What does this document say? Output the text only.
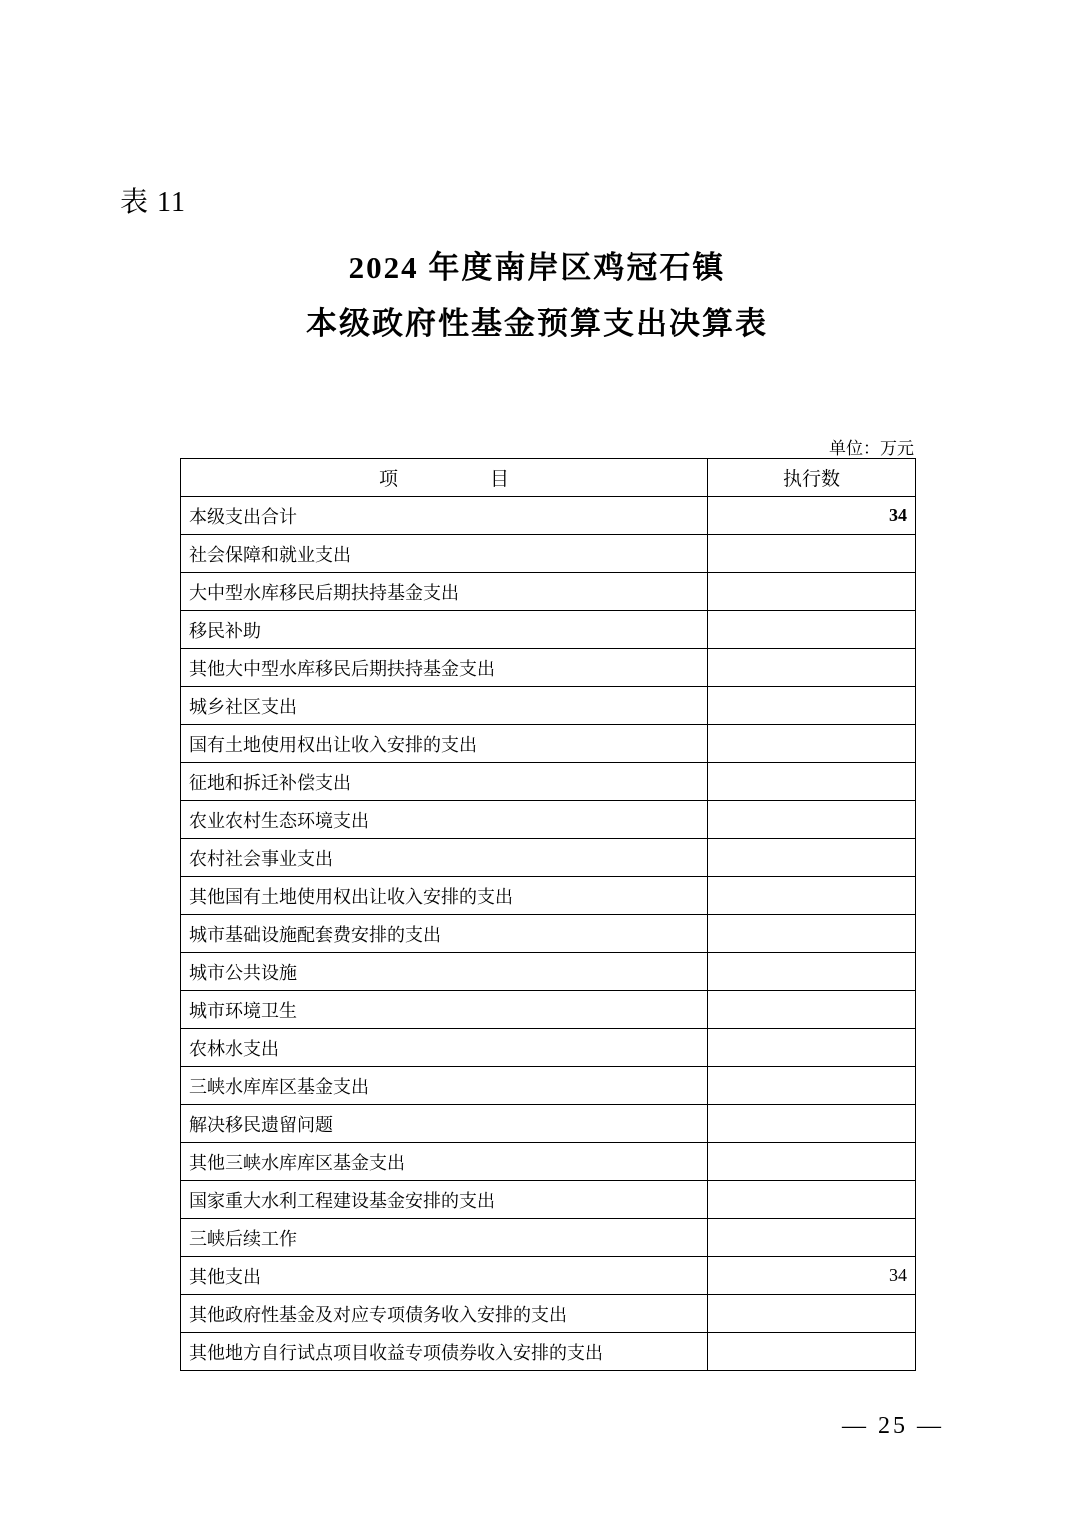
表 11
2024 年度南岸区鸡冠石镇
本级政府性基金预算支出决算表
单位：万元
项　　目	执行数
本级支出合计	34
社会保障和就业支出	
大中型水库移民后期扶持基金支出	
移民补助	
其他大中型水库移民后期扶持基金支出	
城乡社区支出	
国有土地使用权出让收入安排的支出	
征地和拆迁补偿支出	
农业农村生态环境支出	
农村社会事业支出	
其他国有土地使用权出让收入安排的支出	
城市基础设施配套费安排的支出	
城市公共设施	
城市环境卫生	
农林水支出	
三峡水库库区基金支出	
解决移民遗留问题	
其他三峡水库库区基金支出	
国家重大水利工程建设基金安排的支出	
三峡后续工作	
其他支出	34
其他政府性基金及对应专项债务收入安排的支出	
其他地方自行试点项目收益专项债券收入安排的支出	
— 25 —
